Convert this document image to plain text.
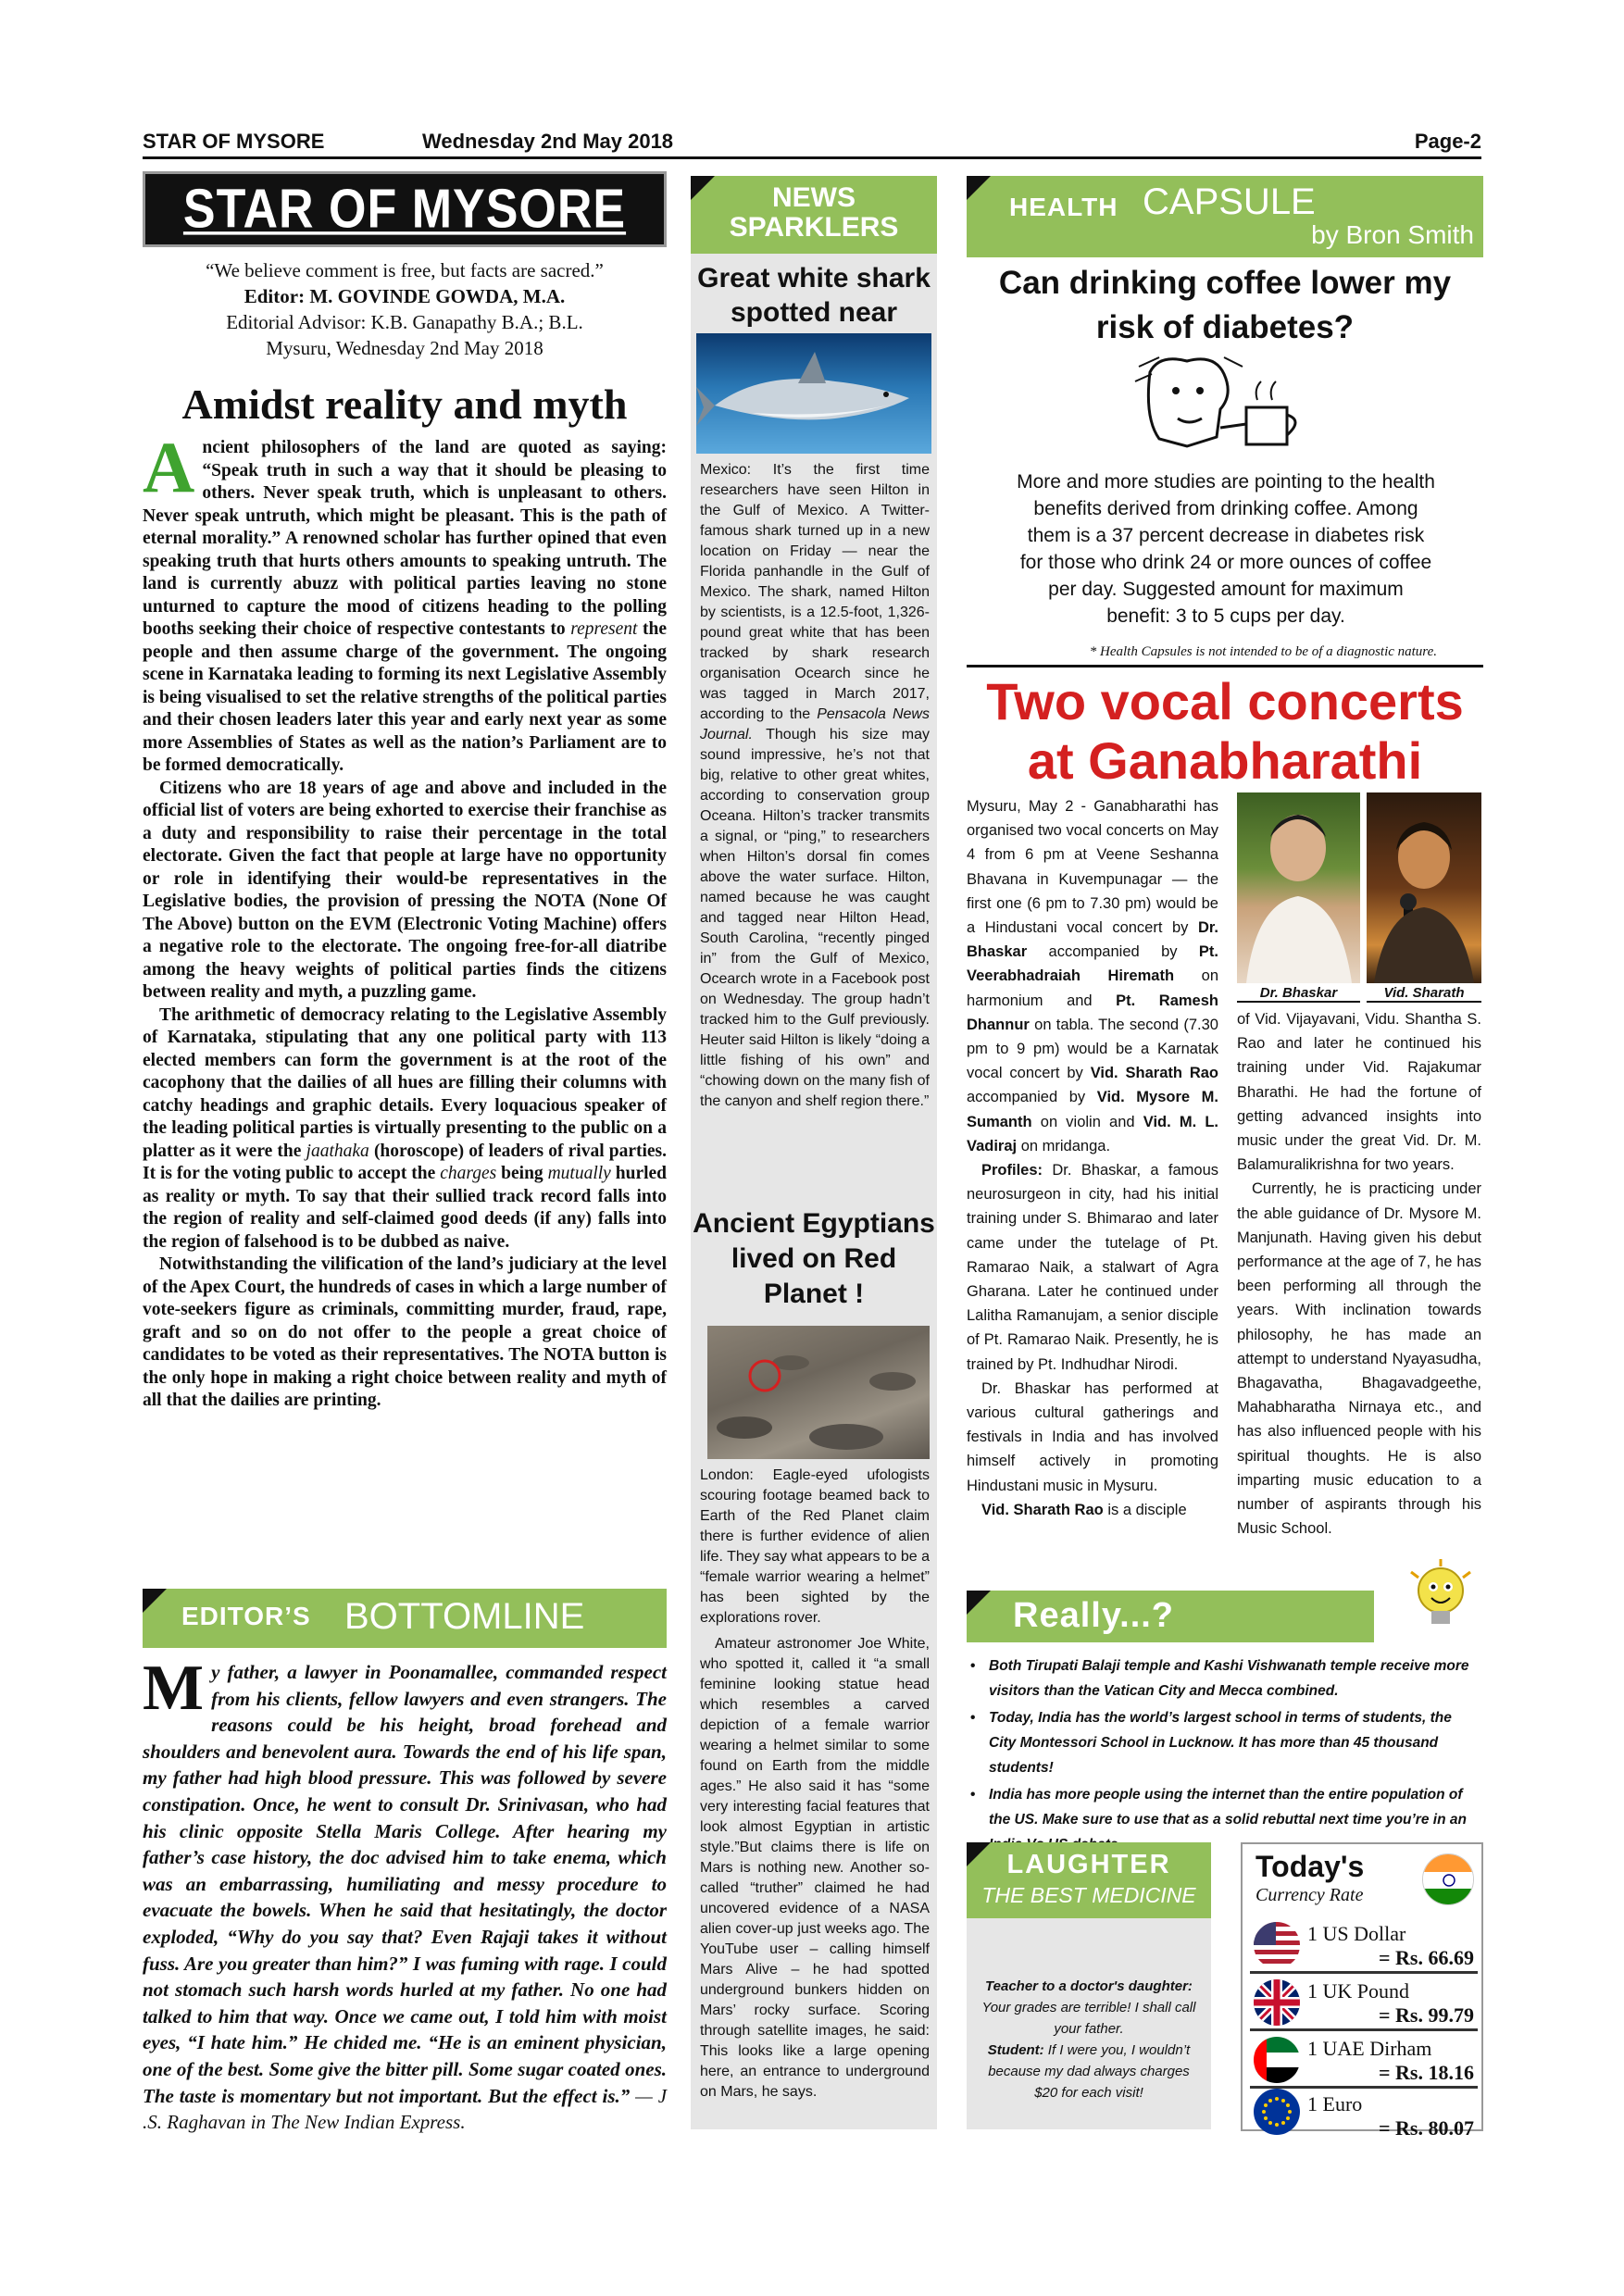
STAR OF MYSORE	Wednesday 2nd May 2018	Page-2
STAR OF MYSORE
“We believe comment is free, but facts are sacred.”
Editor: M. GOVINDE GOWDA, M.A.
Editorial Advisor: K.B. Ganapathy B.A.; B.L.
Mysuru, Wednesday 2nd May 2018
Amidst reality and myth

Ancient philosophers of the land are quoted as saying: “Speak truth in such a way that it should be pleasing to others. Never speak truth, which is unpleasant to others. Never speak untruth, which might be pleasant. This is the path of eternal morality.” A renowned scholar has further opined that even speaking truth that hurts others amounts to speaking untruth. The land is currently abuzz with political parties leaving no stone unturned to capture the mood of citizens heading to the polling booths seeking their choice of respective contestants to represent the people and then assume charge of the government. The ongoing scene in Karnataka leading to forming its next Legislative Assembly is being visualised to set the relative strengths of the political parties and their chosen leaders later this year and early next year as some more Assemblies of States as well as the nation’s Parliament are to be formed democratically.

Citizens who are 18 years of age and above and included in the official list of voters are being exhorted to exercise their franchise as a duty and responsibility to raise their percentage in the total electorate. Given the fact that people at large have no opportunity or role in identifying their would-be representatives in the Legislative bodies, the provision of pressing the NOTA (None Of The Above) button on the EVM (Electronic Voting Machine) offers a negative role to the electorate. The ongoing free-for-all diatribe among the heavy weights of political parties finds the citizens between reality and myth, a puzzling game.

The arithmetic of democracy relating to the Legislative Assembly of Karnataka, stipulating that any one political party with 113 elected members can form the government is at the root of the cacophony that the dailies of all hues are filling their columns with catchy headings and graphic details. Every loquacious speaker of the leading political parties is virtually presenting to the public on a platter as it were the jaathaka (horoscope) of leaders of rival parties. It is for the voting public to accept the charges being mutually hurled as reality or myth. To say that their sullied track record falls into the region of reality and self-claimed good deeds (if any) falls into the region of falsehood is to be dubbed as naive.

Notwithstanding the vilification of the land’s judiciary at the level of the Apex Court, the hundreds of cases in which a large number of vote-seekers figure as criminals, committing murder, fraud, rape, graft and so on do not offer to the people a great choice of candidates to be voted as their representatives. The NOTA button is the only hope in making a right choice between reality and myth of all that the dailies are printing.

EDITOR’S BOTTOMLINE
My father, a lawyer in Poonamallee, commanded respect from his clients, fellow lawyers and even strangers. The reasons could be his height, broad forehead and shoulders and benevolent aura. Towards the end of his life span, my father had high blood pressure. This was followed by severe constipation. Once, he went to consult Dr. Srinivasan, who had his clinic opposite Stella Maris College. After hearing my father’s case history, the doc advised him to take enema, which was an embarrassing, humiliating and messy procedure to evacuate the bowels. When he said that hesitatingly, the doctor exploded, “Why do you say that? Even Rajaji takes it without fuss. Are you greater than him?” I was fuming with rage. I could not stomach such harsh words hurled at my father. No one had talked to him that way. Once we came out, I told him with moist eyes, “I hate him.” He chided me. “He is an eminent physician, one of the best. Some give the bitter pill. Some sugar coated ones. The taste is momentary but not important. But the effect is.” — J .S. Raghavan in The New Indian Express.
NEWS
SPARKLERS
Great white shark spotted near
Mexico: It’s the first time researchers have seen Hilton in the Gulf of Mexico. A Twitter-famous shark turned up in a new location on Friday — near the Florida panhandle in the Gulf of Mexico. The shark, named Hilton by scientists, is a 12.5-foot, 1,326-pound great white that has been tracked by shark research organisation Ocearch since he was tagged in March 2017, according to the Pensacola News Journal. Though his size may sound impressive, he’s not that big, relative to other great whites, according to conservation group Oceana. Hilton’s tracker transmits a signal, or “ping,” to researchers when Hilton’s dorsal fin comes above the water surface. Hilton, named because he was caught and tagged near Hilton Head, South Carolina, “recently pinged in” from the Gulf of Mexico, Ocearch wrote in a Facebook post on Wednesday. The group hadn’t tracked him to the Gulf previously. Heuter said Hilton is likely “doing a little fishing of his own” and “chowing down on the many fish of the canyon and shelf region there.”
Ancient Egyptians lived on Red Planet !

London: Eagle-eyed ufologists scouring footage beamed back to Earth of the Red Planet claim there is further evidence of alien life. They say what appears to be a “female warrior wearing a helmet” has been sighted by the explorations rover.

Amateur astronomer Joe White, who spotted it, called it “a small feminine looking statue head which resembles a carved depiction of a female warrior wearing a helmet similar to some found on Earth from the middle ages.” He also said it has “some very interesting facial features that look almost Egyptian in artistic style.”But claims there is life on Mars is nothing new. Another so-called “truther” claimed he had uncovered evidence of a NASA alien cover-up just weeks ago. The YouTube user – calling himself Mars Alive – he had spotted underground bunkers hidden on Mars’ rocky surface. Scoring through satellite images, he said: This looks like a large opening here, an entrance to underground on Mars, he says.

HEALTH CAPSULE
by Bron Smith
Can drinking coffee lower my risk of diabetes?
More and more studies are pointing to the health benefits derived from drinking coffee. Among them is a 37 percent decrease in diabetes risk for those who drink 24 or more ounces of coffee per day. Suggested amount for maximum benefit: 3 to 5 cups per day.
* Health Capsules is not intended to be of a diagnostic nature.
Two vocal concerts at Ganabharathi

Mysuru, May 2 - Ganabharathi has organised two vocal concerts on May 4 from 6 pm at Veene Seshanna Bhavana in Kuvempunagar — the first one (6 pm to 7.30 pm) would be a Hindustani vocal concert by Dr. Bhaskar accompanied by Pt. Veerabhadraiah Hiremath on harmonium and Pt. Ramesh Dhannur on tabla. The second (7.30 pm to 9 pm) would be a Karnatak vocal concert by Vid. Sharath Rao accompanied by Vid. Mysore M. Sumanth on violin and Vid. M. L. Vadiraj on mridanga.

Profiles: Dr. Bhaskar, a famous neurosurgeon in city, had his initial training under S. Bhimarao and later came under the tutelage of Pt. Ramarao Naik, a stalwart of Agra Gharana. Later he continued under Lalitha Ramanujam, a senior disciple of Pt. Ramarao Naik. Presently, he is trained by Pt. Indhudhar Nirodi.

Dr. Bhaskar has performed at various cultural gatherings and festivals in India and has involved himself actively in promoting Hindustani music in Mysuru.

Vid. Sharath Rao is a disciple

Dr. Bhaskar	Vid. Sharath

of Vid. Vijayavani, Vidu. Shantha S. Rao and later he continued his training under Vid. Rajakumar Bharathi. He had the fortune of getting advanced insights into music under the great Vid. Dr. M. Balamuralikrishna for two years.

Currently, he is practicing under the able guidance of Dr. Mysore M. Manjunath. Having given his debut performance at the age of 7, he has been performing all through the years. With inclination towards philosophy, he has made an attempt to understand Nyayasudha, Bhagavatha, Bhagavadgeethe, Mahabharatha Nirnaya etc., and has also influenced people with his spiritual thoughts. He is also imparting music education to a number of aspirants through his Music School.

Really...?
• Both Tirupati Balaji temple and Kashi Vishwanath temple receive more visitors than the Vatican City and Mecca combined.
• Today, India has the world’s largest school in terms of students, the City Montessori School in Lucknow. It has more than 45 thousand students!
• India has more people using the internet than the entire population of the US. Make sure to use that as a solid rebuttal next time you’re in an
LAUGHTER
THE BEST MEDICINE
Teacher to a doctor's daughter: Your grades are terrible! I shall call your father.
Student: If I were you, I wouldn’t because my dad always charges $20 for each visit!
Today's
Currency Rate
1 US Dollar
= Rs. 66.69
1 UK Pound
= Rs. 99.79
1 UAE Dirham
= Rs. 18.16
1 Euro
= Rs. 80.07
